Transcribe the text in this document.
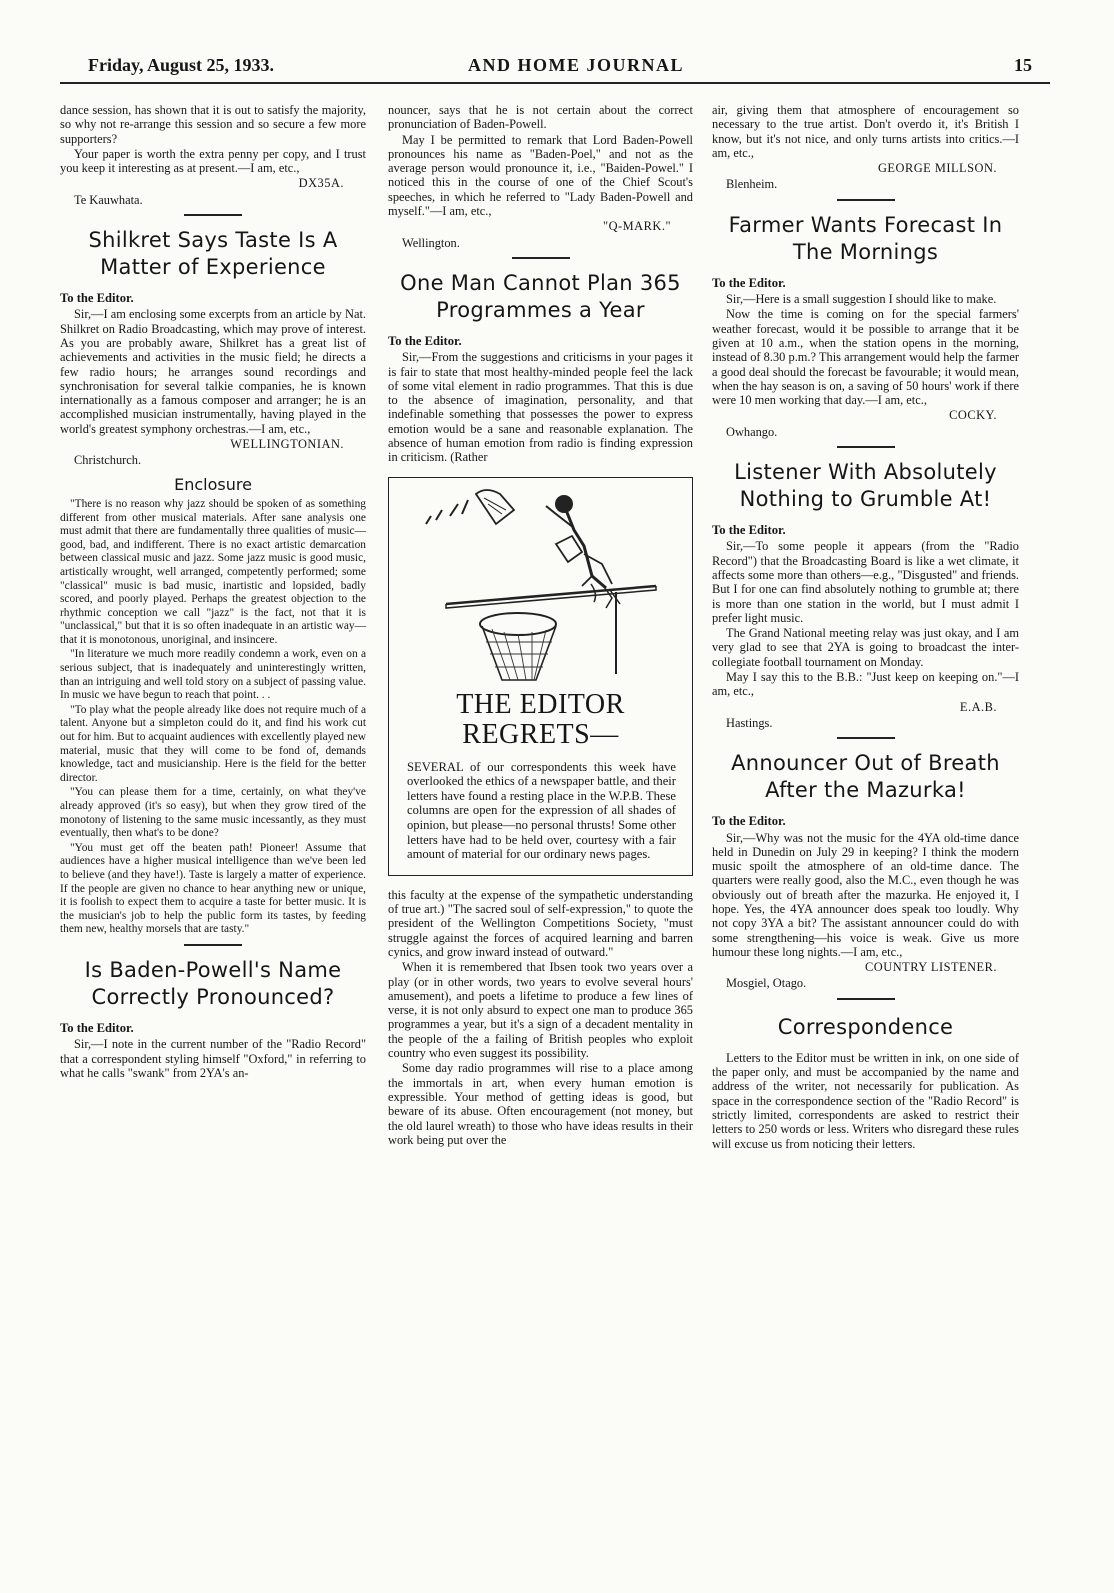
Friday, August 25, 1933.	AND HOME JOURNAL	15

dance session, has shown that it is out to satisfy the majority, so why not re-arrange this session and so secure a few more supporters?

Your paper is worth the extra penny per copy, and I trust you keep it interesting as at present.—I am, etc.,

DX35A.
Te Kauwhata.
Shilkret Says Taste Is A Matter of Experience
To the Editor.

Sir,—I am enclosing some excerpts from an article by Nat. Shilkret on Radio Broadcasting, which may prove of interest. As you are probably aware, Shilkret has a great list of achievements and activities in the music field; he directs a few radio hours; he arranges sound recordings and synchronisation for several talkie companies, he is known internationally as a famous composer and arranger; he is an accomplished musician instrumentally, having played in the world's greatest symphony orchestras.—I am, etc.,

WELLINGTONIAN.
Christchurch.
Enclosure

"There is no reason why jazz should be spoken of as something different from other musical materials. After sane analysis one must admit that there are fundamentally three qualities of music—good, bad, and indifferent. There is no exact artistic demarcation between classical music and jazz. Some jazz music is good music, artistically wrought, well arranged, competently performed; some "classical" music is bad music, inartistic and lopsided, badly scored, and poorly played. Perhaps the greatest objection to the rhythmic conception we call "jazz" is the fact, not that it is "unclassical," but that it is so often inadequate in an artistic way—that it is monotonous, unoriginal, and insincere.

"In literature we much more readily condemn a work, even on a serious subject, that is inadequately and uninterestingly written, than an intriguing and well told story on a subject of passing value. In music we have begun to reach that point. . .

"To play what the people already like does not require much of a talent. Anyone but a simpleton could do it, and find his work cut out for him. But to acquaint audiences with excellently played new material, music that they will come to be fond of, demands knowledge, tact and musicianship. Here is the field for the better director.

"You can please them for a time, certainly, on what they've already approved (it's so easy), but when they grow tired of the monotony of listening to the same music incessantly, as they must eventually, then what's to be done?

"You must get off the beaten path! Pioneer! Assume that audiences have a higher musical intelligence than we've been led to believe (and they have!). Taste is largely a matter of experience. If the people are given no chance to hear anything new or unique, it is foolish to expect them to acquire a taste for better music. It is the musician's job to help the public form its tastes, by feeding them new, healthy morsels that are tasty."

Is Baden-Powell's Name Correctly Pronounced?
To the Editor.

Sir,—I note in the current number of the "Radio Record" that a correspondent styling himself "Oxford," in referring to what he calls "swank" from 2YA's an-

nouncer, says that he is not certain about the correct pronunciation of Baden-Powell.

May I be permitted to remark that Lord Baden-Powell pronounces his name as "Baden-Poel," and not as the average person would pronounce it, i.e., "Baiden-Powel." I noticed this in the course of one of the Chief Scout's speeches, in which he referred to "Lady Baden-Powell and myself."—I am, etc.,

"Q-MARK."
Wellington.
One Man Cannot Plan 365 Programmes a Year
To the Editor.

Sir,—From the suggestions and criticisms in your pages it is fair to state that most healthy-minded people feel the lack of some vital element in radio programmes. That this is due to the absence of imagination, personality, and that indefinable something that possesses the power to express emotion would be a sane and reasonable explanation. The absence of human emotion from radio is finding expression in criticism. (Rather

THE EDITOR REGRETS—

SEVERAL of our correspondents this week have overlooked the ethics of a newspaper battle, and their letters have found a resting place in the W.P.B. These columns are open for the expression of all shades of opinion, but please—no personal thrusts! Some other letters have had to be held over, courtesy with a fair amount of material for our ordinary news pages.

this faculty at the expense of the sympathetic understanding of true art.) "The sacred soul of self-expression," to quote the president of the Wellington Competitions Society, "must struggle against the forces of acquired learning and barren cynics, and grow inward instead of outward."

When it is remembered that Ibsen took two years over a play (or in other words, two years to evolve several hours' amusement), and poets a lifetime to produce a few lines of verse, it is not only absurd to expect one man to produce 365 programmes a year, but it's a sign of a decadent mentality in the people of the a failing of British peoples who exploit country who even suggest its possibility.

Some day radio programmes will rise to a place among the immortals in art, when every human emotion is expressible. Your method of getting ideas is good, but beware of its abuse. Often encouragement (not money, but the old laurel wreath) to those who have ideas results in their work being put over the

air, giving them that atmosphere of encouragement so necessary to the true artist. Don't overdo it, it's British I know, but it's not nice, and only turns artists into critics.—I am, etc.,

GEORGE MILLSON.
Blenheim.
Farmer Wants Forecast In The Mornings
To the Editor.

Sir,—Here is a small suggestion I should like to make.

Now the time is coming on for the special farmers' weather forecast, would it be possible to arrange that it be given at 10 a.m., when the station opens in the morning, instead of 8.30 p.m.? This arrangement would help the farmer a good deal should the forecast be favourable; it would mean, when the hay season is on, a saving of 50 hours' work if there were 10 men working that day.—I am, etc.,

COCKY.
Owhango.
Listener With Absolutely Nothing to Grumble At!
To the Editor.

Sir,—To some people it appears (from the "Radio Record") that the Broadcasting Board is like a wet climate, it affects some more than others—e.g., "Disgusted" and friends. But I for one can find absolutely nothing to grumble at; there is more than one station in the world, but I must admit I prefer light music.

The Grand National meeting relay was just okay, and I am very glad to see that 2YA is going to broadcast the inter-collegiate football tournament on Monday.

May I say this to the B.B.: "Just keep on keeping on."—I am, etc.,

E.A.B.
Hastings.
Announcer Out of Breath After the Mazurka!
To the Editor.

Sir,—Why was not the music for the 4YA old-time dance held in Dunedin on July 29 in keeping? I think the modern music spoilt the atmosphere of an old-time dance. The quarters were really good, also the M.C., even though he was obviously out of breath after the mazurka. He enjoyed it, I hope. Yes, the 4YA announcer does speak too loudly. Why not copy 3YA a bit? The assistant announcer could do with some strengthening—his voice is weak. Give us more humour these long nights.—I am, etc.,

COUNTRY LISTENER.
Mosgiel, Otago.
Correspondence

Letters to the Editor must be written in ink, on one side of the paper only, and must be accompanied by the name and address of the writer, not necessarily for publication. As space in the correspondence section of the "Radio Record" is strictly limited, correspondents are asked to restrict their letters to 250 words or less. Writers who disregard these rules will excuse us from noticing their letters.
